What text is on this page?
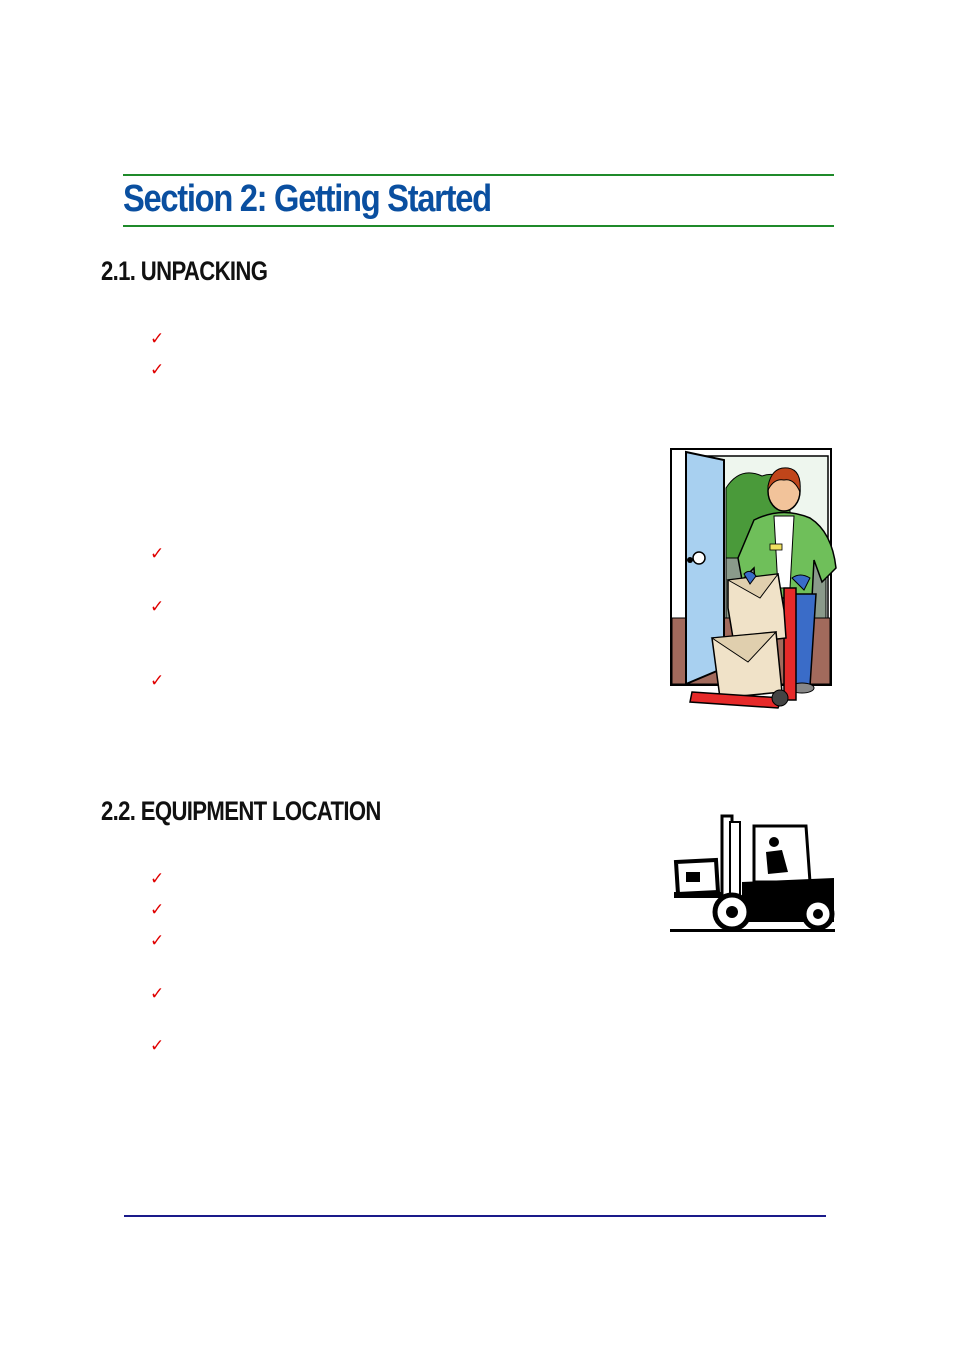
Section 2: Getting Started
2.1. UNPACKING
✓
✓
✓
✓
✓
2.2. EQUIPMENT LOCATION
✓
✓
✓
✓
✓
